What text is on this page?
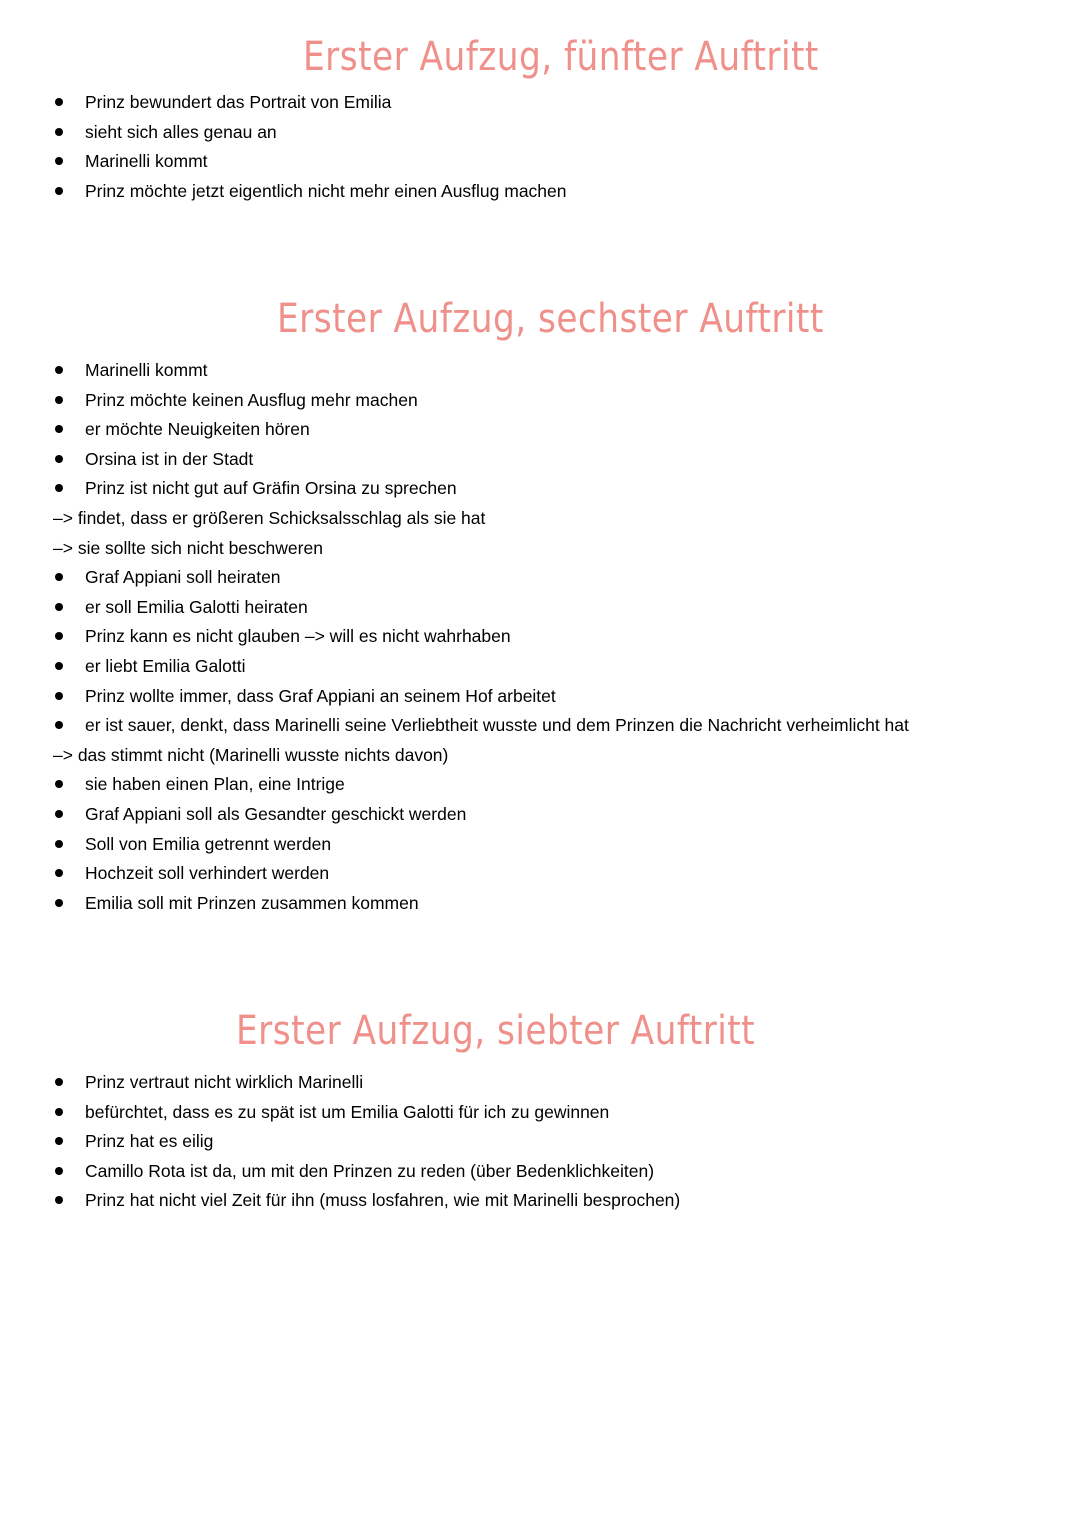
Erster Aufzug, fünfter Auftritt
Prinz bewundert das Portrait von Emilia
sieht sich alles genau an
Marinelli kommt
Prinz möchte jetzt eigentlich nicht mehr einen Ausflug machen
Erster Aufzug, sechster Auftritt
Marinelli kommt
Prinz möchte keinen Ausflug mehr machen
er möchte Neuigkeiten hören
Orsina ist in der Stadt
Prinz ist nicht gut auf Gräfin Orsina zu sprechen
–> findet, dass er größeren Schicksalsschlag als sie hat
–> sie sollte sich nicht beschweren
Graf Appiani soll heiraten
er soll Emilia Galotti heiraten
Prinz kann es nicht glauben –> will es nicht wahrhaben
er liebt Emilia Galotti
Prinz wollte immer, dass Graf Appiani an seinem Hof arbeitet
er ist sauer, denkt, dass Marinelli seine Verliebtheit wusste und dem Prinzen die Nachricht verheimlicht hat
–> das stimmt nicht (Marinelli wusste nichts davon)
sie haben einen Plan, eine Intrige
Graf Appiani soll als Gesandter geschickt werden
Soll von Emilia getrennt werden
Hochzeit soll verhindert werden
Emilia soll mit Prinzen zusammen kommen
Erster Aufzug, siebter Auftritt
Prinz vertraut nicht wirklich Marinelli
befürchtet, dass es zu spät ist um Emilia Galotti für ich zu gewinnen
Prinz hat es eilig
Camillo Rota ist da, um mit den Prinzen zu reden (über Bedenklichkeiten)
Prinz hat nicht viel Zeit für ihn (muss losfahren, wie mit Marinelli besprochen)
